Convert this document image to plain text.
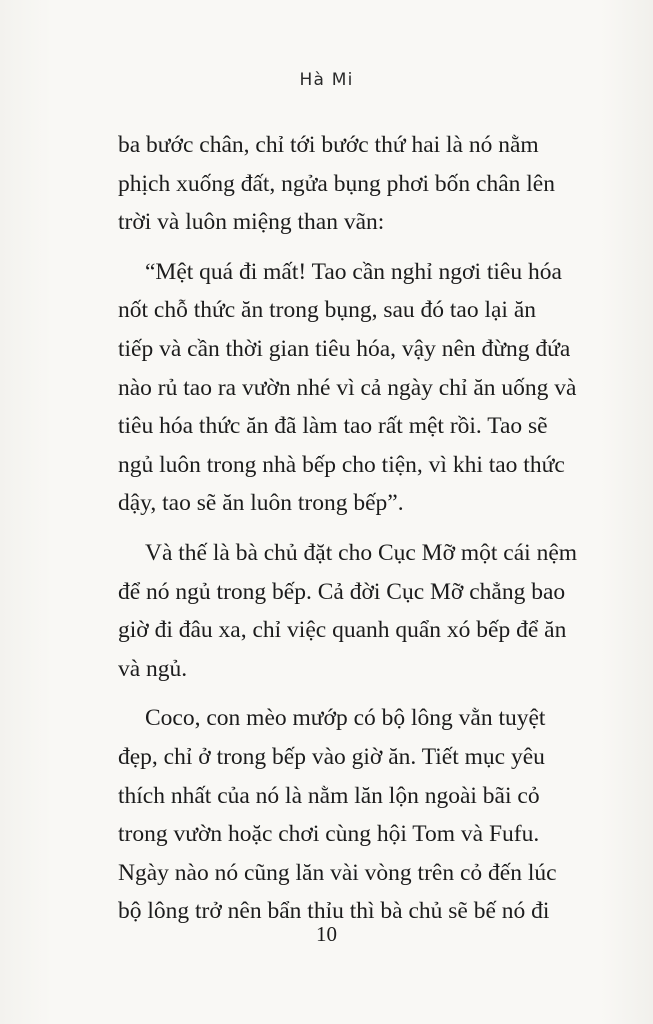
Hà Mi

ba bước chân, chỉ tới bước thứ hai là nó nằm
phịch xuống đất, ngửa bụng phơi bốn chân lên
trời và luôn miệng than vãn:

“Mệt quá đi mất! Tao cần nghỉ ngơi tiêu hóa
nốt chỗ thức ăn trong bụng, sau đó tao lại ăn
tiếp và cần thời gian tiêu hóa, vậy nên đừng đứa
nào rủ tao ra vườn nhé vì cả ngày chỉ ăn uống và
tiêu hóa thức ăn đã làm tao rất mệt rồi. Tao sẽ
ngủ luôn trong nhà bếp cho tiện, vì khi tao thức
dậy, tao sẽ ăn luôn trong bếp”.

Và thế là bà chủ đặt cho Cục Mỡ một cái nệm
để nó ngủ trong bếp. Cả đời Cục Mỡ chẳng bao
giờ đi đâu xa, chỉ việc quanh quẩn xó bếp để ăn
và ngủ.

Coco, con mèo mướp có bộ lông vằn tuyệt
đẹp, chỉ ở trong bếp vào giờ ăn. Tiết mục yêu
thích nhất của nó là nằm lăn lộn ngoài bãi cỏ
trong vườn hoặc chơi cùng hội Tom và Fufu.
Ngày nào nó cũng lăn vài vòng trên cỏ đến lúc
bộ lông trở nên bẩn thỉu thì bà chủ sẽ bế nó đi

10
